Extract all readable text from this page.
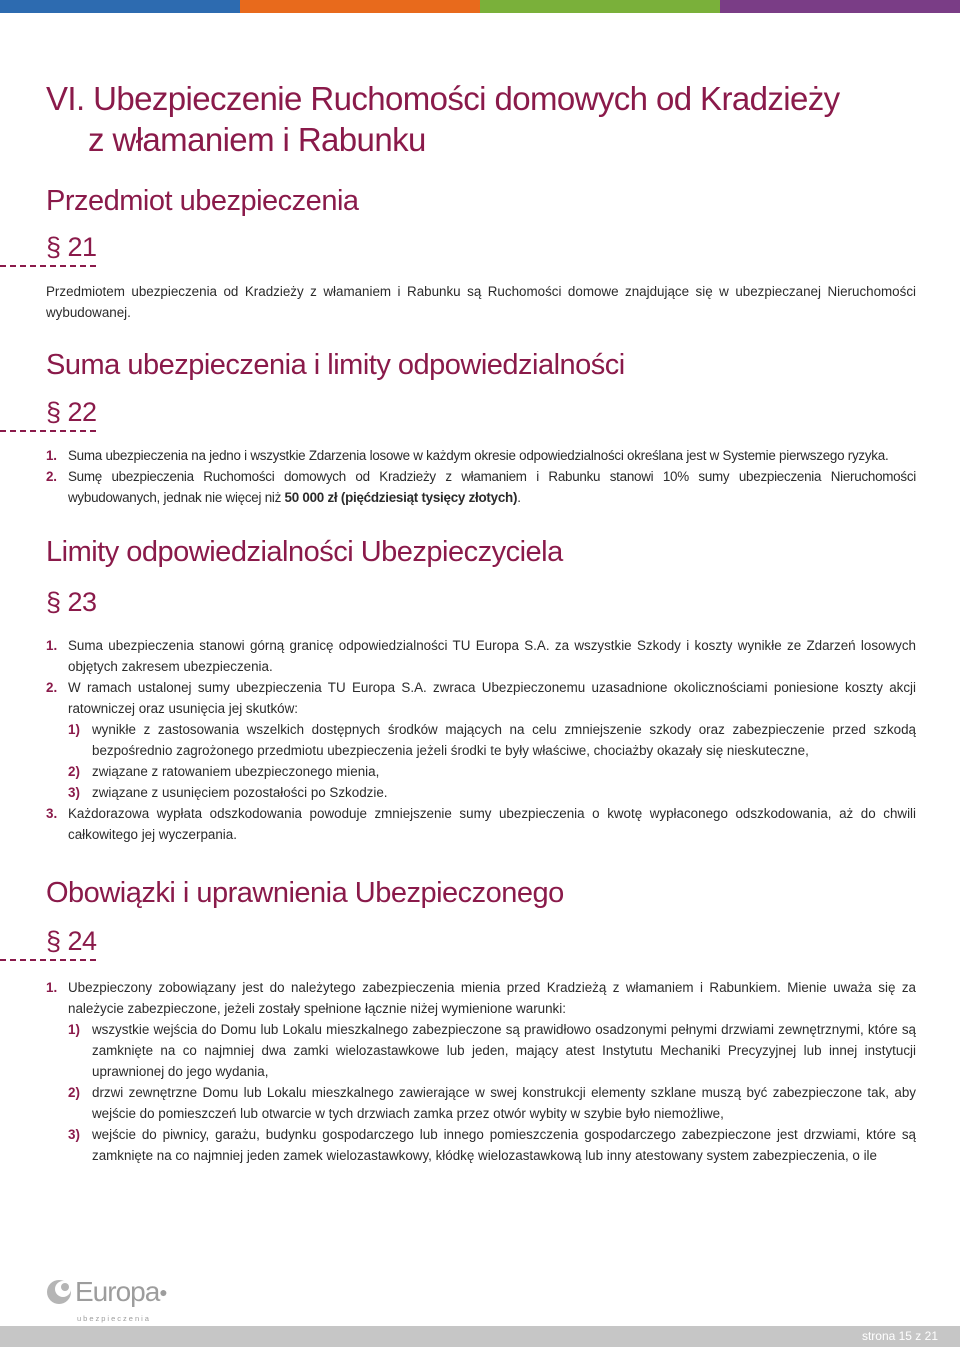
VI. Ubezpieczenie Ruchomości domowych od Kradzieży
z włamaniem i Rabunku
Przedmiot ubezpieczenia
§ 21

Przedmiotem ubezpieczenia od Kradzieży z włamaniem i Rabunku są Ruchomości domowe znajdujące się w ubezpieczanej Nieruchomości wybudowanej.

Suma ubezpieczenia i limity odpowiedzialności
§ 22
1. Suma ubezpieczenia na jedno i wszystkie Zdarzenia losowe w każdym okresie odpowiedzialności określana jest w Systemie pierwszego ryzyka.
2. Sumę ubezpieczenia Ruchomości domowych od Kradzieży z włamaniem i Rabunku stanowi 10% sumy ubezpieczenia Nieruchomości wybudowanych, jednak nie więcej niż 50 000 zł (pięćdziesiąt tysięcy złotych).
Limity odpowiedzialności Ubezpieczyciela
§ 23
1. Suma ubezpieczenia stanowi górną granicę odpowiedzialności TU Europa S.A. za wszystkie Szkody i koszty wynikłe ze Zdarzeń losowych objętych zakresem ubezpieczenia.
2. W ramach ustalonej sumy ubezpieczenia TU Europa S.A. zwraca Ubezpieczonemu uzasadnione okolicznościami poniesione koszty akcji ratowniczej oraz usunięcia jej skutków:
1) wynikłe z zastosowania wszelkich dostępnych środków mających na celu zmniejszenie szkody oraz zabezpieczenie przed szkodą bezpośrednio zagrożonego przedmiotu ubezpieczenia jeżeli środki te były właściwe, chociażby okazały się nieskuteczne,
2) związane z ratowaniem ubezpieczonego mienia,
3) związane z usunięciem pozostałości po Szkodzie.
3. Każdorazowa wypłata odszkodowania powoduje zmniejszenie sumy ubezpieczenia o kwotę wypłaconego odszkodowania, aż do chwili całkowitego jej wyczerpania.
Obowiązki i uprawnienia Ubezpieczonego
§ 24
1. Ubezpieczony zobowiązany jest do należytego zabezpieczenia mienia przed Kradzieżą z włamaniem i Rabunkiem. Mienie uważa się za należycie zabezpieczone, jeżeli zostały spełnione łącznie niżej wymienione warunki:
1) wszystkie wejścia do Domu lub Lokalu mieszkalnego zabezpieczone są prawidłowo osadzonymi pełnymi drzwiami zewnętrznymi, które są zamknięte na co najmniej dwa zamki wielozastawkowe lub jeden, mający atest Instytutu Mechaniki Precyzyjnej lub innej instytucji uprawnionej do jego wydania,
2) drzwi zewnętrzne Domu lub Lokalu mieszkalnego zawierające w swej konstrukcji elementy szklane muszą być zabezpieczone tak, aby wejście do pomieszczeń lub otwarcie w tych drzwiach zamka przez otwór wybity w szybie było niemożliwe,
3) wejście do piwnicy, garażu, budynku gospodarczego lub innego pomieszczenia gospodarczego zabezpieczone jest drzwiami, które są zamknięte na co najmniej jeden zamek wielozastawkowy, kłódkę wielozastawkową lub inny atestowany system zabezpieczenia, o ile
Europa●
ubezpieczenia
strona 15 z 21
